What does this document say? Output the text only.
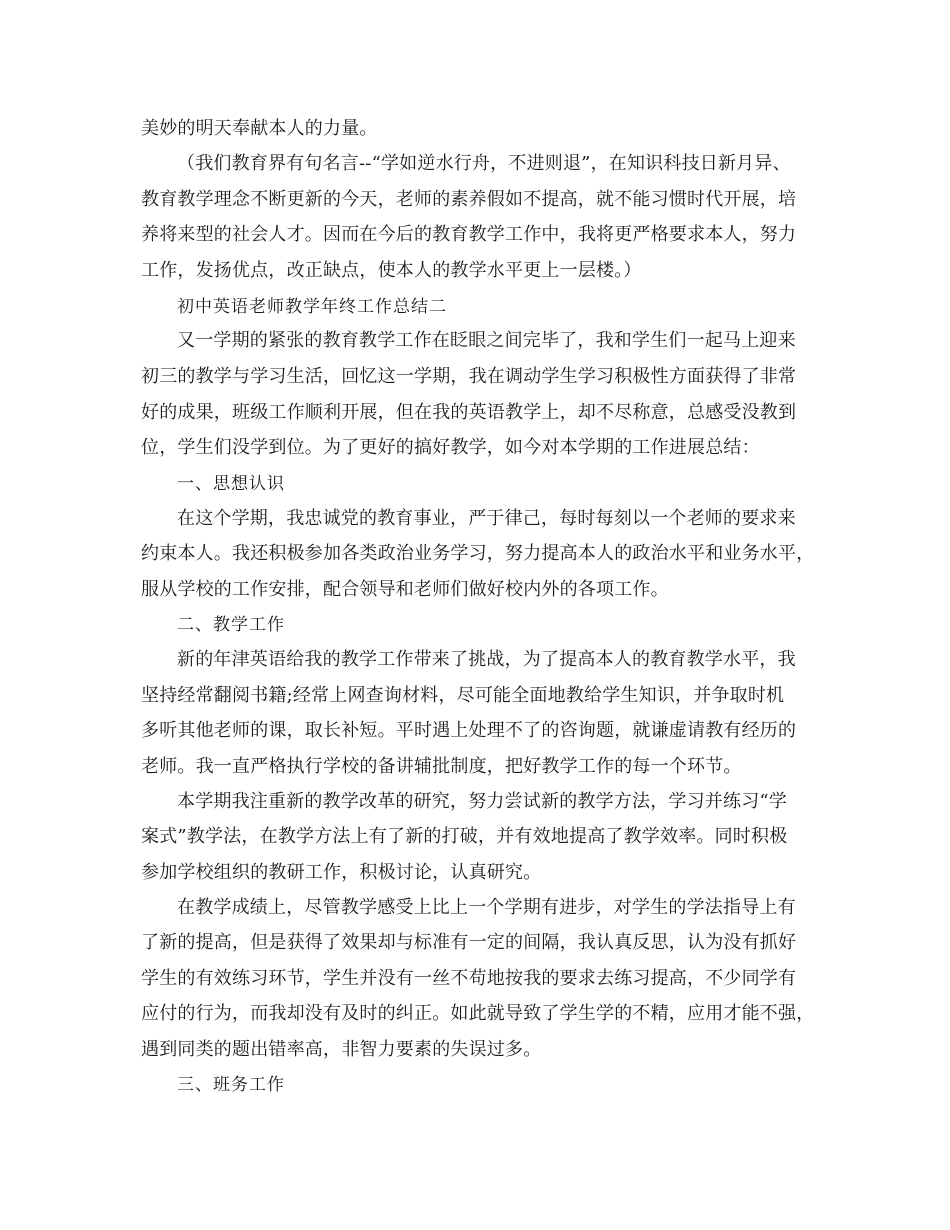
美妙的明天奉献本人的力量。
（我们教育界有句名言--“学如逆水行舟，不进则退”，在知识科技日新月异、
教育教学理念不断更新的今天，老师的素养假如不提高，就不能习惯时代开展，培
养将来型的社会人才。因而在今后的教育教学工作中，我将更严格要求本人，努力
工作，发扬优点，改正缺点，使本人的教学水平更上一层楼。）
初中英语老师教学年终工作总结二
又一学期的紧张的教育教学工作在眨眼之间完毕了，我和学生们一起马上迎来
初三的教学与学习生活，回忆这一学期，我在调动学生学习积极性方面获得了非常
好的成果，班级工作顺利开展，但在我的英语教学上，却不尽称意，总感受没教到
位，学生们没学到位。为了更好的搞好教学，如今对本学期的工作进展总结：
一、思想认识
在这个学期，我忠诚党的教育事业，严于律己，每时每刻以一个老师的要求来
约束本人。我还积极参加各类政治业务学习，努力提高本人的政治水平和业务水平，
服从学校的工作安排，配合领导和老师们做好校内外的各项工作。
二、教学工作
新的年津英语给我的教学工作带来了挑战，为了提高本人的教育教学水平，我
坚持经常翻阅书籍;经常上网查询材料，尽可能全面地教给学生知识，并争取时机
多听其他老师的课，取长补短。平时遇上处理不了的咨询题，就谦虚请教有经历的
老师。我一直严格执行学校的备讲辅批制度，把好教学工作的每一个环节。
本学期我注重新的教学改革的研究，努力尝试新的教学方法，学习并练习“学
案式”教学法，在教学方法上有了新的打破，并有效地提高了教学效率。同时积极
参加学校组织的教研工作，积极讨论，认真研究。
在教学成绩上，尽管教学感受上比上一个学期有进步，对学生的学法指导上有
了新的提高，但是获得了效果却与标准有一定的间隔，我认真反思，认为没有抓好
学生的有效练习环节，学生并没有一丝不苟地按我的要求去练习提高，不少同学有
应付的行为，而我却没有及时的纠正。如此就导致了学生学的不精，应用才能不强，
遇到同类的题出错率高，非智力要素的失误过多。
三、班务工作
